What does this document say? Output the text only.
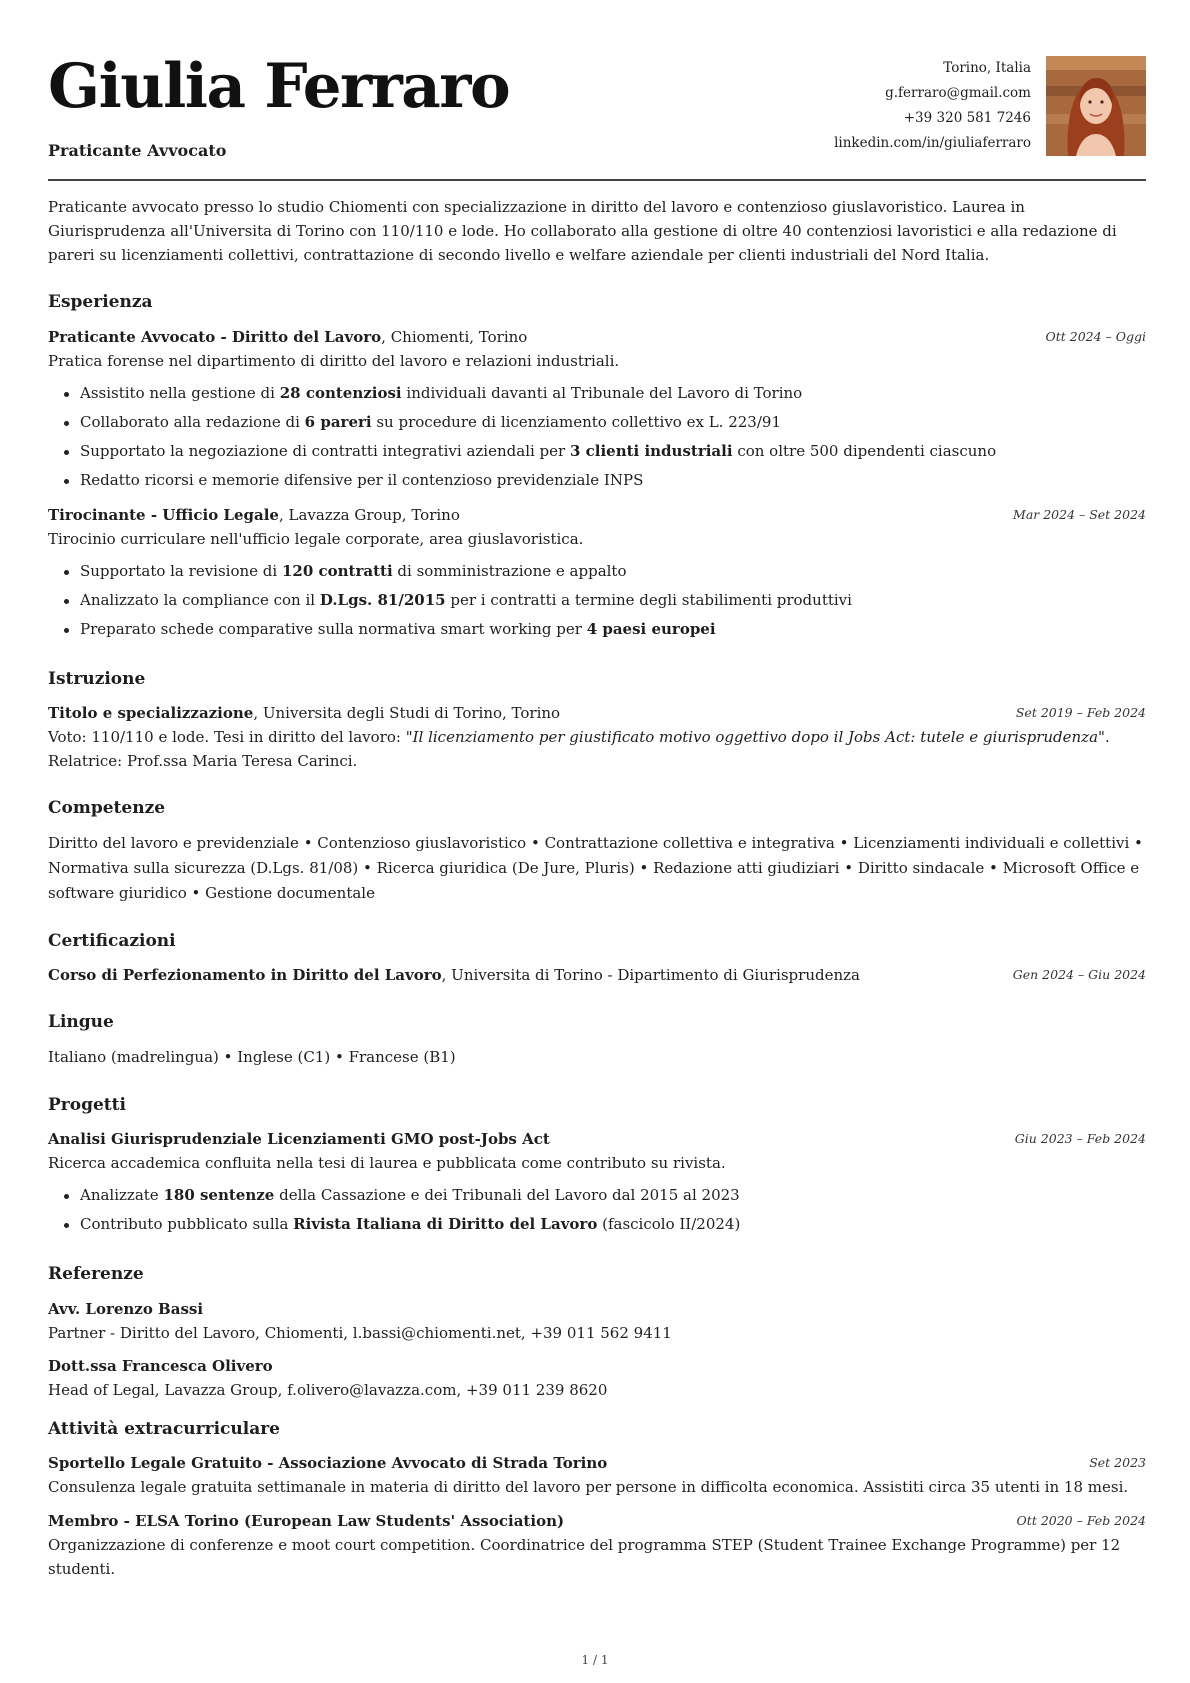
Giulia Ferraro
Praticante Avvocato
Torino, Italia
g.ferraro@gmail.com
+39 320 581 7246
linkedin.com/in/giuliaferraro
Praticante avvocato presso lo studio Chiomenti con specializzazione in diritto del lavoro e contenzioso giuslavoristico. Laurea in Giurisprudenza all'Universita di Torino con 110/110 e lode. Ho collaborato alla gestione di oltre 40 contenziosi lavoristici e alla redazione di pareri su licenziamenti collettivi, contrattazione di secondo livello e welfare aziendale per clienti industriali del Nord Italia.
Esperienza
Praticante Avvocato - Diritto del Lavoro, Chiomenti, Torino	Ott 2024 – Oggi
Pratica forense nel dipartimento di diritto del lavoro e relazioni industriali.
Assistito nella gestione di 28 contenziosi individuali davanti al Tribunale del Lavoro di Torino
Collaborato alla redazione di 6 pareri su procedure di licenziamento collettivo ex L. 223/91
Supportato la negoziazione di contratti integrativi aziendali per 3 clienti industriali con oltre 500 dipendenti ciascuno
Redatto ricorsi e memorie difensive per il contenzioso previdenziale INPS
Tirocinante - Ufficio Legale, Lavazza Group, Torino	Mar 2024 – Set 2024
Tirocinio curriculare nell'ufficio legale corporate, area giuslavoristica.
Supportato la revisione di 120 contratti di somministrazione e appalto
Analizzato la compliance con il D.Lgs. 81/2015 per i contratti a termine degli stabilimenti produttivi
Preparato schede comparative sulla normativa smart working per 4 paesi europei
Istruzione
Titolo e specializzazione, Universita degli Studi di Torino, Torino	Set 2019 – Feb 2024
Voto: 110/110 e lode. Tesi in diritto del lavoro: "Il licenziamento per giustificato motivo oggettivo dopo il Jobs Act: tutele e giurisprudenza". Relatrice: Prof.ssa Maria Teresa Carinci.
Competenze
Diritto del lavoro e previdenziale • Contenzioso giuslavoristico • Contrattazione collettiva e integrativa • Licenziamenti individuali e collettivi • Normativa sulla sicurezza (D.Lgs. 81/08) • Ricerca giuridica (De Jure, Pluris) • Redazione atti giudiziari • Diritto sindacale • Microsoft Office e software giuridico • Gestione documentale
Certificazioni
Corso di Perfezionamento in Diritto del Lavoro, Universita di Torino - Dipartimento di Giurisprudenza	Gen 2024 – Giu 2024
Lingue
Italiano (madrelingua) • Inglese (C1) • Francese (B1)
Progetti
Analisi Giurisprudenziale Licenziamenti GMO post-Jobs Act	Giu 2023 – Feb 2024
Ricerca accademica confluita nella tesi di laurea e pubblicata come contributo su rivista.
Analizzate 180 sentenze della Cassazione e dei Tribunali del Lavoro dal 2015 al 2023
Contributo pubblicato sulla Rivista Italiana di Diritto del Lavoro (fascicolo II/2024)
Referenze
Avv. Lorenzo Bassi
Partner - Diritto del Lavoro, Chiomenti, l.bassi@chiomenti.net, +39 011 562 9411
Dott.ssa Francesca Olivero
Head of Legal, Lavazza Group, f.olivero@lavazza.com, +39 011 239 8620
Attività extracurriculare
Sportello Legale Gratuito - Associazione Avvocato di Strada Torino	Set 2023
Consulenza legale gratuita settimanale in materia di diritto del lavoro per persone in difficolta economica. Assistiti circa 35 utenti in 18 mesi.
Membro - ELSA Torino (European Law Students' Association)	Ott 2020 – Feb 2024
Organizzazione di conferenze e moot court competition. Coordinatrice del programma STEP (Student Trainee Exchange Programme) per 12 studenti.
1 / 1
